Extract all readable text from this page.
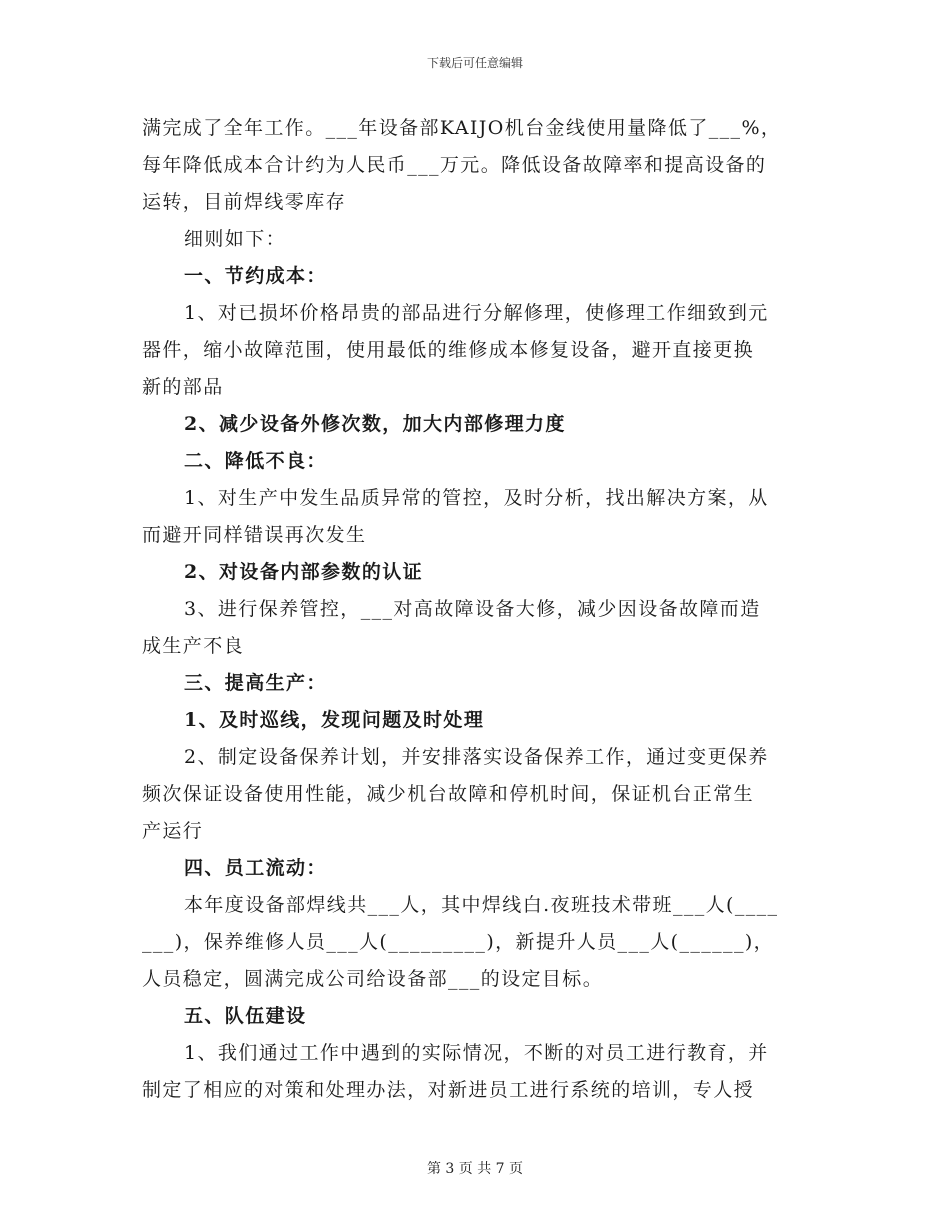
下载后可任意编辑
满完成了全年工作。___年设备部KAIJO机台金线使用量降低了___%，
每年降低成本合计约为人民币___万元。降低设备故障率和提高设备的
运转，目前焊线零库存
细则如下：
一、节约成本：
1、对已损坏价格昂贵的部品进行分解修理，使修理工作细致到元
器件，缩小故障范围，使用最低的维修成本修复设备，避开直接更换
新的部品
2、减少设备外修次数，加大内部修理力度
二、降低不良：
1、对生产中发生品质异常的管控，及时分析，找出解决方案，从
而避开同样错误再次发生
2、对设备内部参数的认证
3、进行保养管控，___对高故障设备大修，减少因设备故障而造
成生产不良
三、提高生产：
1、及时巡线，发现问题及时处理
2、制定设备保养计划，并安排落实设备保养工作，通过变更保养
频次保证设备使用性能，减少机台故障和停机时间，保证机台正常生
产运行
四、员工流动：
本年度设备部焊线共___人，其中焊线白.夜班技术带班___人(____
___)，保养维修人员___人(_________)，新提升人员___人(______)，
人员稳定，圆满完成公司给设备部___的设定目标。
五、队伍建设
1、我们通过工作中遇到的实际情况，不断的对员工进行教育，并
制定了相应的对策和处理办法，对新进员工进行系统的培训，专人授
第 3 页 共 7 页
